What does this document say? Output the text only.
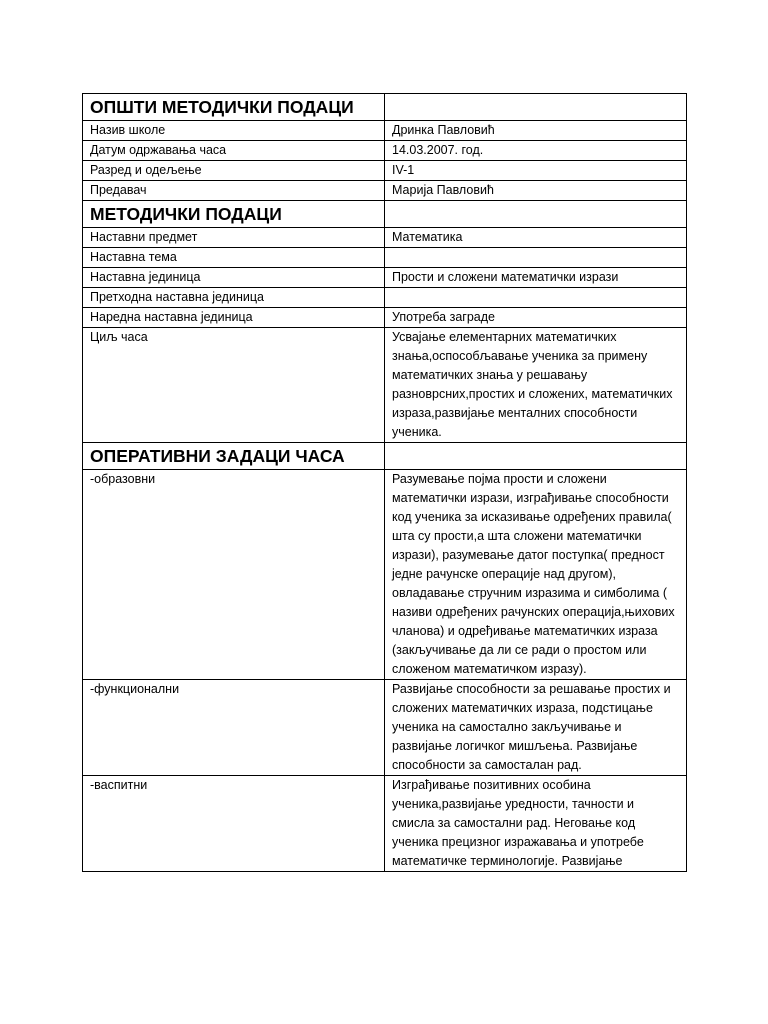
ОПШТИ МЕТОДИЧКИ ПОДАЦИ	
Назив школе	Дринка Павловић
Датум одржавања часа	14.03.2007. год.
Разред и одељење	IV-1
Предавач	Марија Павловић
МЕТОДИЧКИ ПОДАЦИ	
Наставни предмет	Математика
Наставна тема	
Наставна јединица	Прости и сложени математички изрази
Претходна наставна јединица	
Наредна наставна јединица	Употреба заграде
Циљ часа	Усвајање елементарних математичких знања,оспособљавање ученика за примену математичких знања у решавању разноврсних,простих и сложених, математичких израза,развијање менталних способности ученика.
ОПЕРАТИВНИ ЗАДАЦИ ЧАСА	
-образовни	Разумевање појма прости и сложени математички изрази, изграђивање способности код ученика за исказивање одређених правила( шта су прости,а шта сложени математички изрази), разумевање датог поступка( предност једне рачунске операције над другом), овладавање стручним изразима и симболима ( називи одређених рачунских операција,њихових чланова) и одређивање математичких израза (закључивање да ли се ради о простом или сложеном математичком изразу).
-функционални	Развијање способности за решавање простих и сложених математичких израза, подстицање ученика на самостално закључивање и развијање логичког мишљења. Развијање способности за самосталан рад.
-васпитни	Изграђивање позитивних особина ученика,развијање уредности, тачности и смисла за самостални рад. Неговање код ученика прецизног изражавања и употребе математичке терминологије. Развијање
